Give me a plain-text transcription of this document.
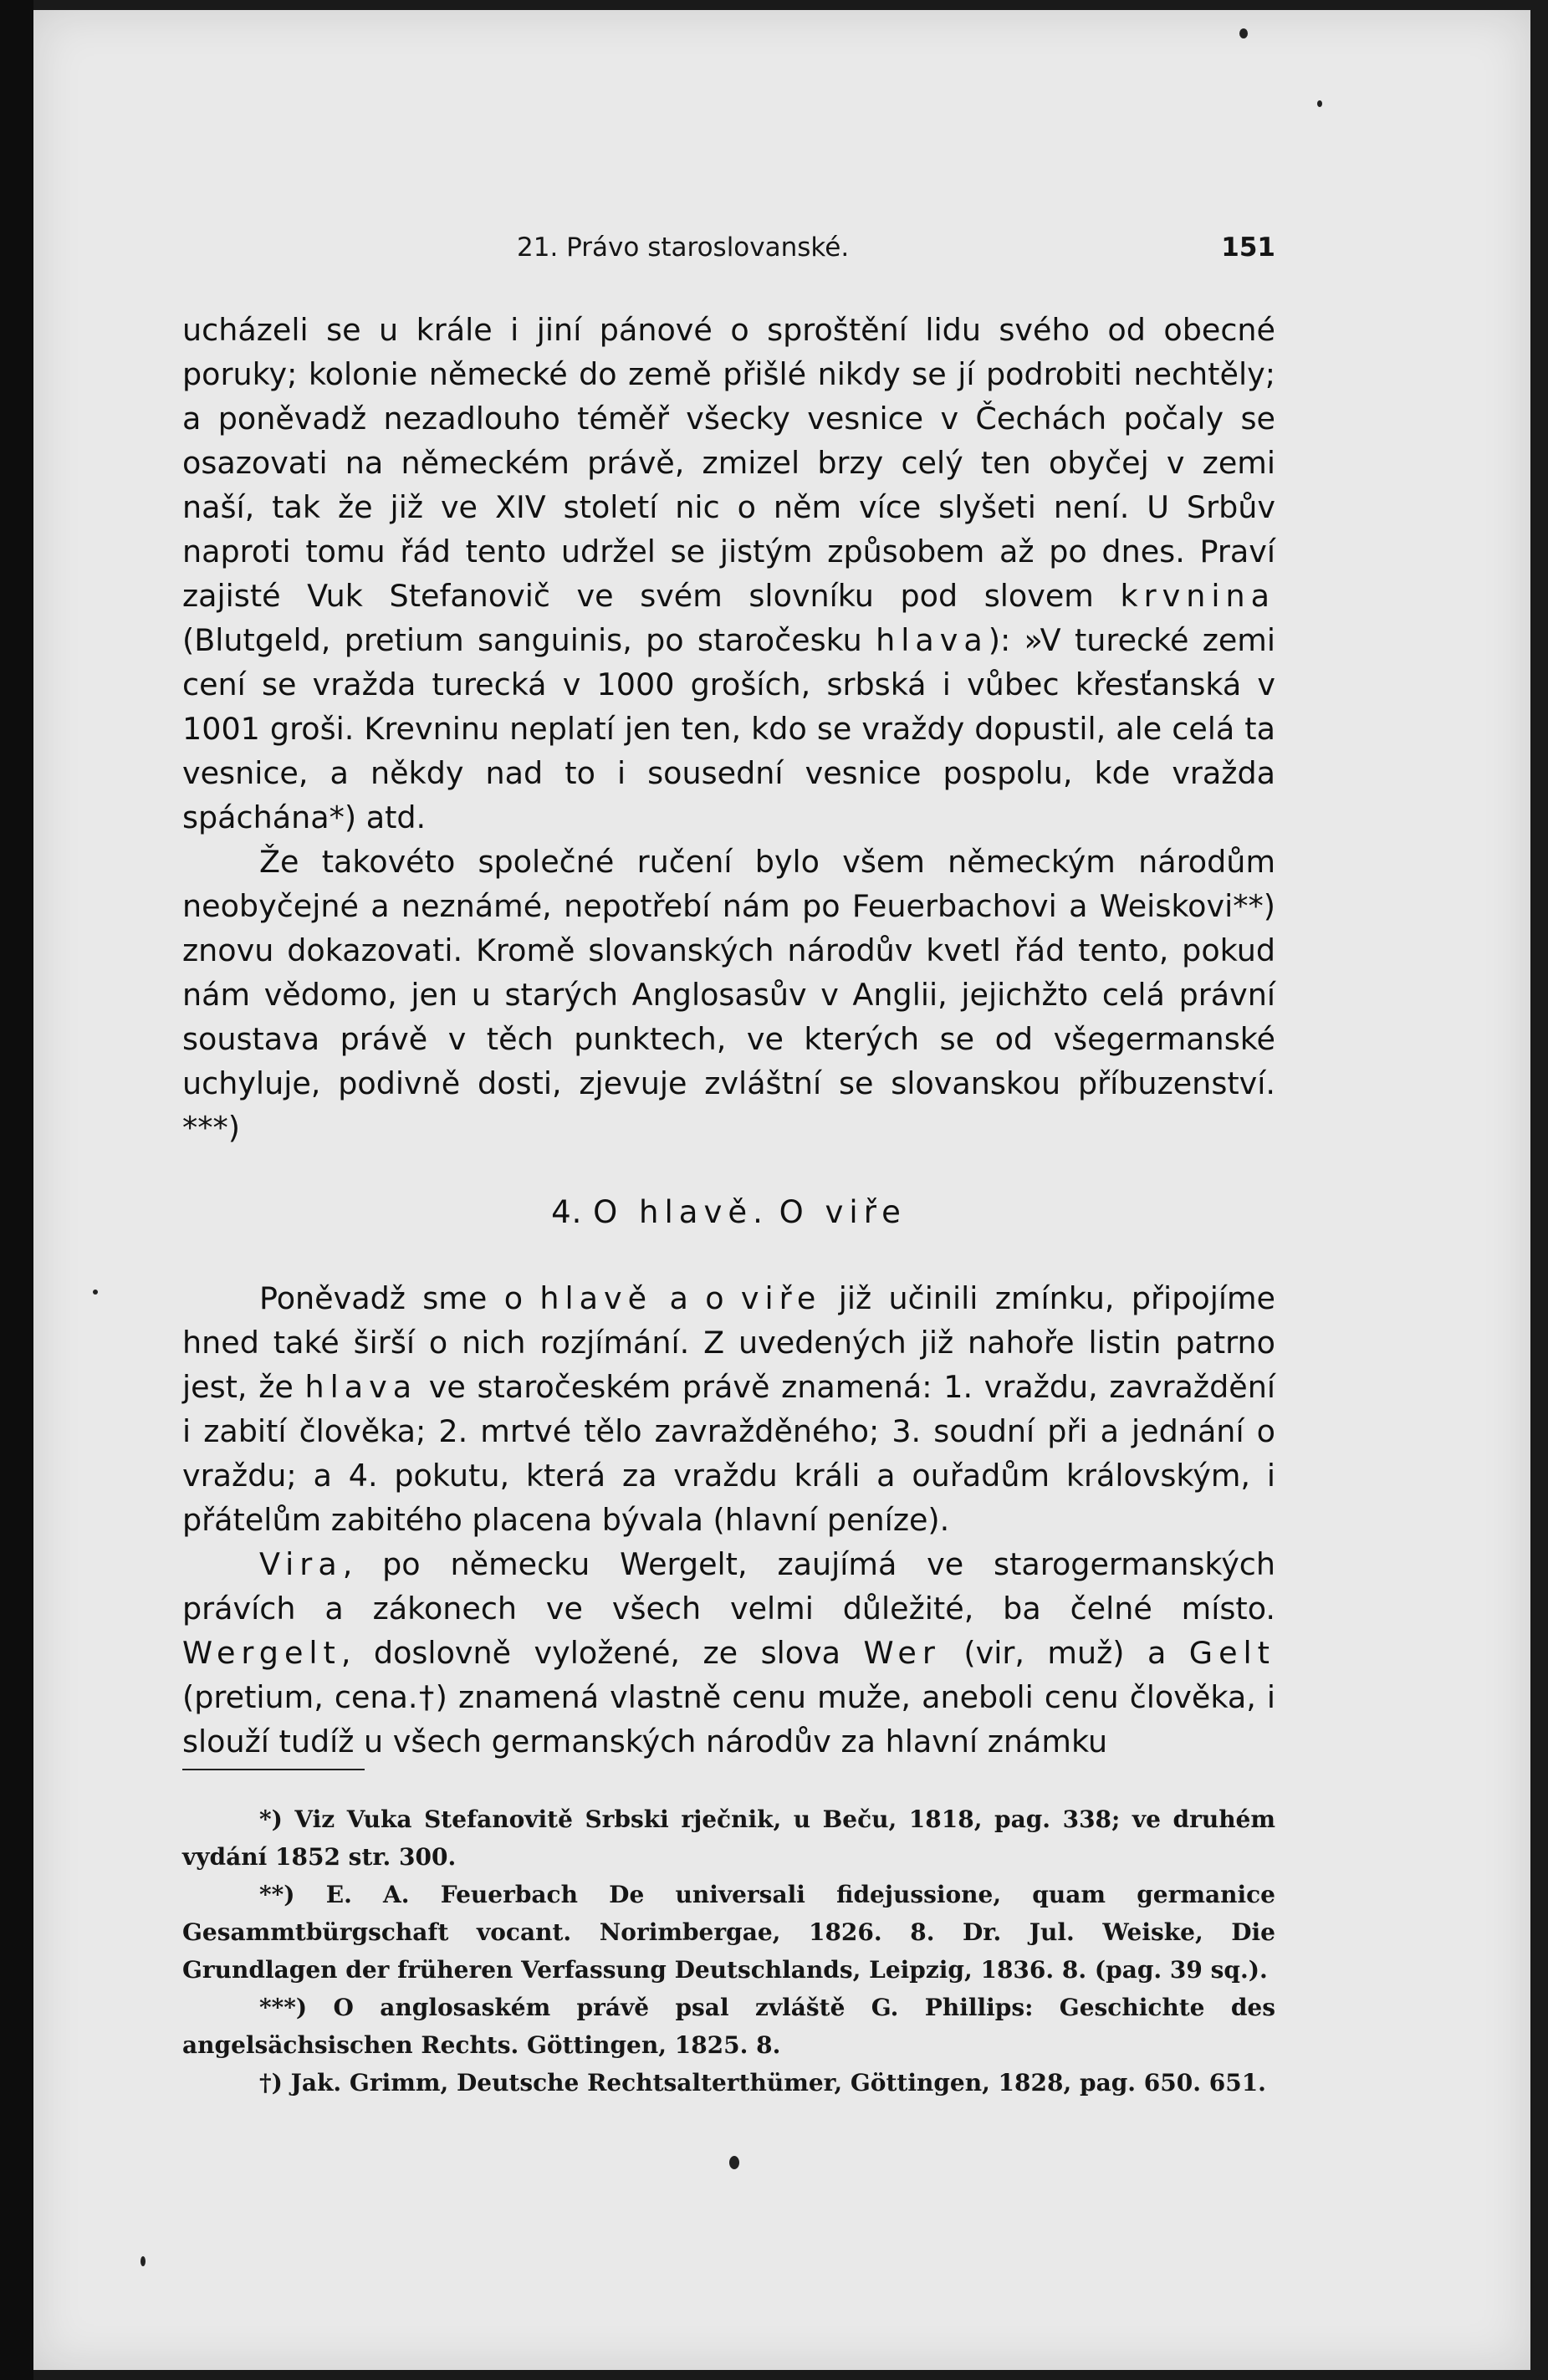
21. Právo staroslovanské.	151

ucházeli se u krále i jiní pánové o sproštění lidu svého od obecné poruky; kolonie německé do země přišlé nikdy se jí podrobiti nechtěly; a poněvadž nezadlouho téměř všecky vesnice v Čechách počaly se osazovati na německém právě, zmizel brzy celý ten obyčej v zemi naší, tak že již ve XIV století nic o něm více slyšeti není. U Srbův naproti tomu řád tento udržel se jistým způsobem až po dnes. Praví zajisté Vuk Stefanovič ve svém slovníku pod slovem krvnina (Blutgeld, pretium sanguinis, po staročesku hlava): »V turecké zemi cení se vražda turecká v 1000 groších, srbská i vůbec křesťanská v 1001 groši. Krevninu neplatí jen ten, kdo se vraždy dopustil, ale celá ta vesnice, a někdy nad to i sousední vesnice pospolu, kde vražda spáchána*) atd.

Že takovéto společné ručení bylo všem německým národům neobyčejné a neznámé, nepotřebí nám po Feuerbachovi a Weiskovi**) znovu dokazovati. Kromě slovanských národův kvetl řád tento, pokud nám vědomo, jen u starých Anglosasův v Anglii, jejichžto celá právní soustava právě v těch punktech, ve kterých se od všegermanské uchyluje, podivně dosti, zjevuje zvláštní se slovanskou příbuzenství. ***)

4. O hlavě. O viře

Poněvadž sme o hlavě a o viře již učinili zmínku, připojíme hned také širší o nich rozjímání. Z uvedených již nahoře listin patrno jest, že hlava ve staročeském právě znamená: 1. vraždu, zavraždění i zabití člověka; 2. mrtvé tělo zavražděného; 3. soudní při a jednání o vraždu; a 4. pokutu, která za vraždu králi a ouřadům královským, i přátelům zabitého placena bývala (hlavní peníze).

Vira, po německu Wergelt, zaujímá ve starogermanských právích a zákonech ve všech velmi důležité, ba čelné místo. Wergelt, doslovně vyložené, ze slova Wer (vir, muž) a Gelt (pretium, cena.†) znamená vlastně cenu muže, aneboli cenu člověka, i slouží tudíž u všech germanských národův za hlavní známku

*) Viz Vuka Stefanovitě Srbski rječnik, u Beču, 1818, pag. 338; ve druhém vydání 1852 str. 300.

**) E. A. Feuerbach De universali fidejussione, quam germanice Gesammtbürgschaft vocant. Norimbergae, 1826. 8. Dr. Jul. Weiske, Die Grundlagen der früheren Verfassung Deutschlands, Leipzig, 1836. 8. (pag. 39 sq.).

***) O anglosaském právě psal zvláště G. Phillips: Geschichte des angelsächsischen Rechts. Göttingen, 1825. 8.

†) Jak. Grimm, Deutsche Rechtsalterthümer, Göttingen, 1828, pag. 650. 651.
